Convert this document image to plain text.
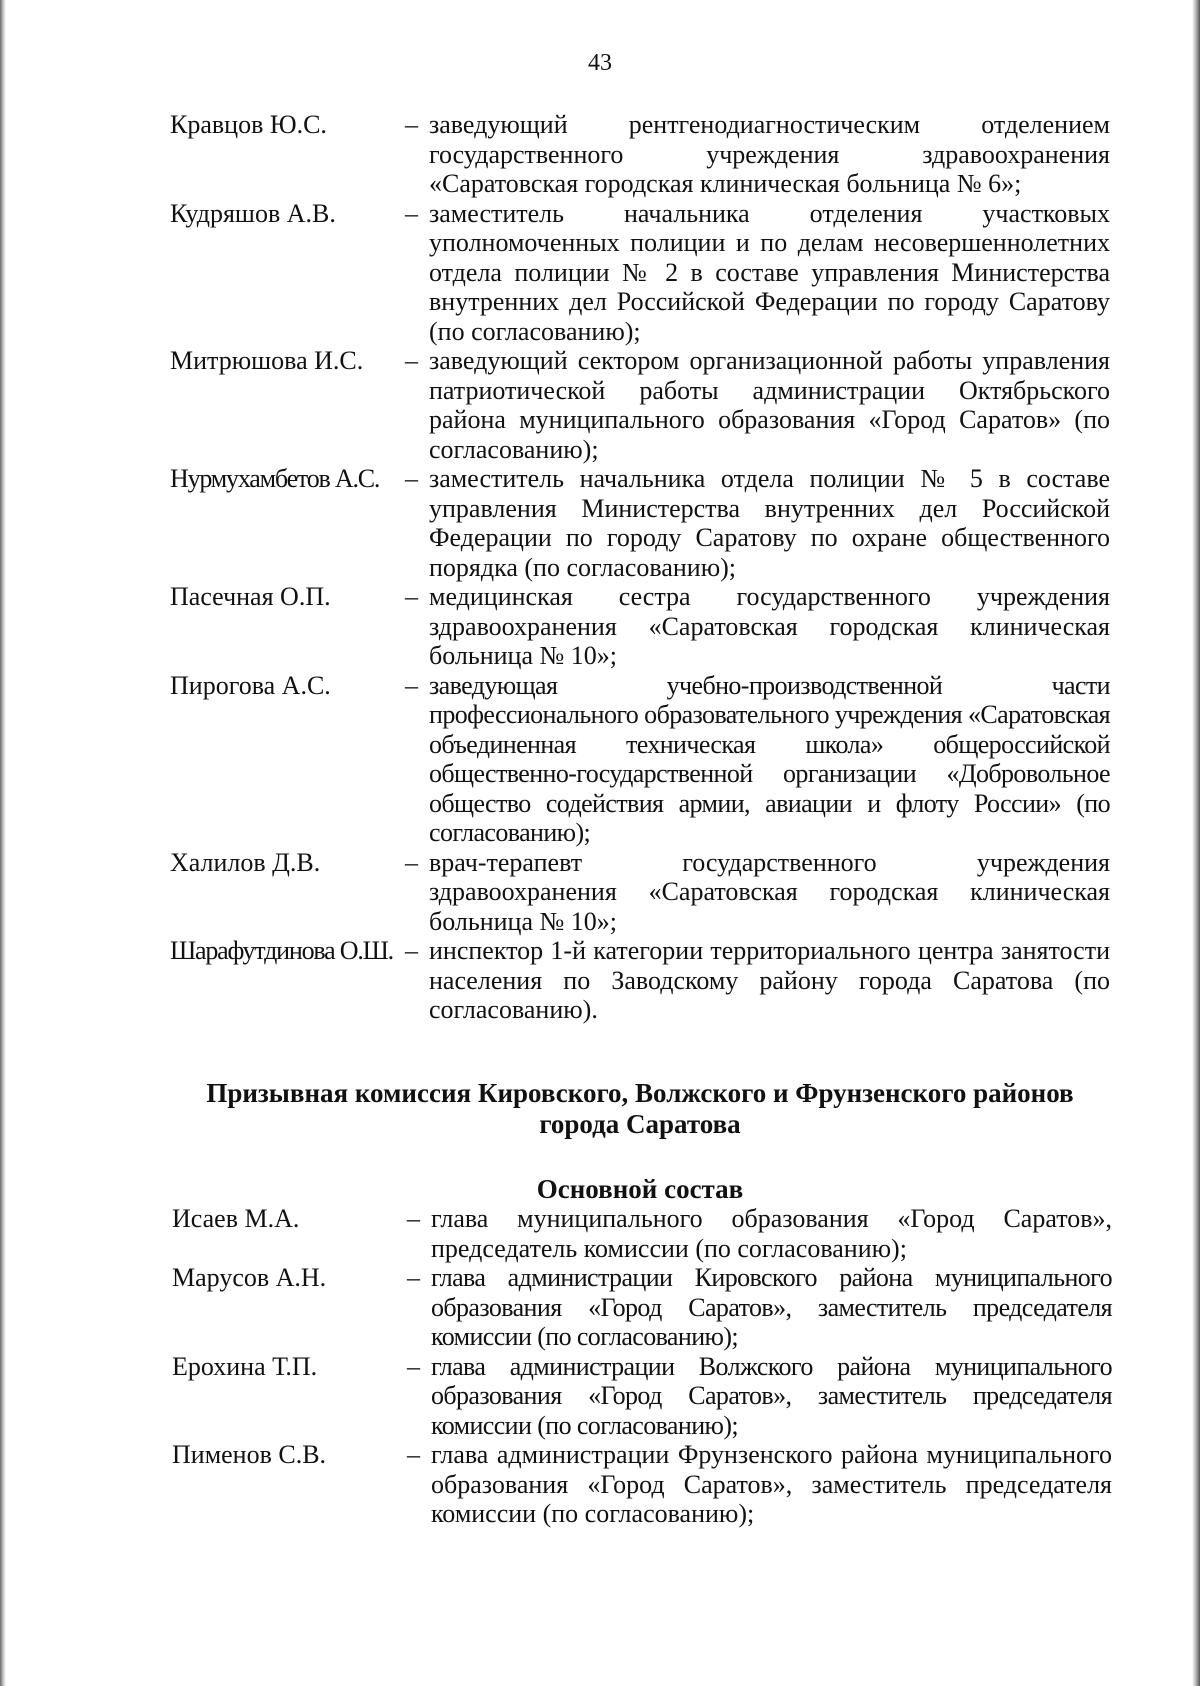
43
Кравцов Ю.С.	– заведующий рентгенодиагностическим отделением государственного учреждения здравоохранения «Саратовская городская клиническая больница № 6»;
Кудряшов А.В.	– заместитель начальника отделения участковых уполномоченных полиции и по делам несовершеннолетних отдела полиции № 2 в составе управления Министерства внутренних дел Российской Федерации по городу Саратову (по согласованию);
Митрюшова И.С.	– заведующий сектором организационной работы управления патриотической работы администрации Октябрьского района муниципального образования «Город Саратов» (по согласованию);
Нурмухамбетов А.С. – заместитель начальника отдела полиции № 5 в составе управления Министерства внутренних дел Российской Федерации по городу Саратову по охране общественного порядка (по согласованию);
Пасечная О.П.	– медицинская сестра государственного учреждения здравоохранения «Саратовская городская клиническая больница № 10»;
Пирогова А.С.	– заведующая учебно-производственной части профессионального образовательного учреждения «Саратовская объединенная техническая школа» общероссийской общественно-государственной организации «Добровольное общество содействия армии, авиации и флоту России» (по согласованию);
Халилов Д.В.	– врач-терапевт государственного учреждения здравоохранения «Саратовская городская клиническая больница № 10»;
Шарафутдинова О.Ш. – инспектор 1-й категории территориального центра занятости населения по Заводскому району города Саратова (по согласованию).
Призывная комиссия Кировского, Волжского и Фрунзенского районов города Саратова
Основной состав
Исаев М.А.	– глава муниципального образования «Город Саратов», председатель комиссии (по согласованию);
Марусов А.Н.	– глава администрации Кировского района муниципального образования «Город Саратов», заместитель председателя комиссии (по согласованию);
Ерохина Т.П.	– глава администрации Волжского района муниципального образования «Город Саратов», заместитель председателя комиссии (по согласованию);
Пименов С.В.	– глава администрации Фрунзенского района муниципального образования «Город Саратов», заместитель председателя комиссии (по согласованию);
